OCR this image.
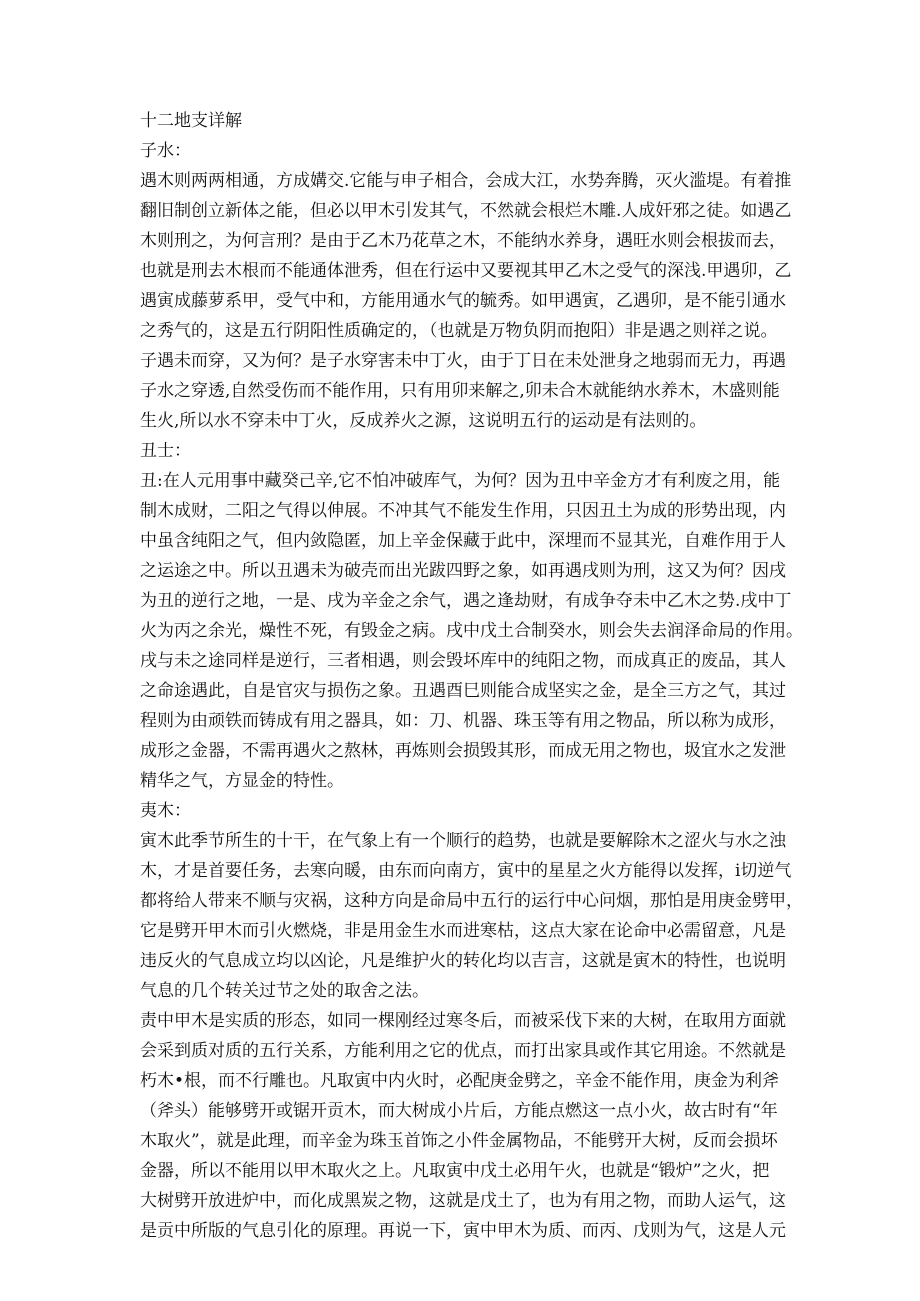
十二地支详解
子水：
遇木则两两相通，方成媾交.它能与申子相合，会成大江，水势奔腾，灭火滥堤。有着推
翻旧制创立新体之能，但必以甲木引发其气，不然就会根烂木雕.人成奸邪之徒。如遇乙
木则刑之，为何言刑？是由于乙木乃花草之木，不能纳水养身，遇旺水则会根拔而去，
也就是刑去木根而不能通体泄秀，但在行运中又要视其甲乙木之受气的深浅.甲遇卯，乙
遇寅成藤萝系甲，受气中和，方能用通水气的毓秀。如甲遇寅，乙遇卯，是不能引通水
之秀气的，这是五行阴阳性质确定的，（也就是万物负阴而抱阳）非是遇之则祥之说。
子遇未而穿，又为何？是子水穿害未中丁火，由于丁日在未处泄身之地弱而无力，再遇
子水之穿透,自然受伤而不能作用，只有用卯来解之,卯未合木就能纳水养木，木盛则能
生火,所以水不穿未中丁火，反成养火之源，这说明五行的运动是有法则的。
丑士：
丑:在人元用事中藏癸己辛,它不怕冲破库气，为何？因为丑中辛金方才有利废之用，能
制木成财，二阳之气得以伸展。不冲其气不能发生作用，只因丑土为成的形势出现，内
中虽含纯阳之气，但内敛隐匿，加上辛金保藏于此中，深埋而不显其光，自难作用于人
之运途之中。所以丑遇未为破壳而出光跋四野之象，如再遇戌则为刑，这又为何？因戌
为丑的逆行之地，一是、戌为辛金之余气，遇之逢劫财，有成争夺未中乙木之势.戌中丁
火为丙之余光，燥性不死，有毁金之病。戌中戊土合制癸水，则会失去润泽命局的作用。
戌与未之途同样是逆行，三者相遇，则会毁坏库中的纯阳之物，而成真正的废品，其人
之命途遇此，自是官灾与损伤之象。丑遇酉巳则能合成坚实之金，是全三方之气，其过
程则为由顽铁而铸成有用之器具，如：刀、机器、珠玉等有用之物品，所以称为成形，
成形之金器，不需再遇火之熬林，再炼则会损毁其形，而成无用之物也，圾宜水之发泄
精华之气，方显金的特性。
夷木：
寅木此季节所生的十干，在气象上有一个顺行的趋势，也就是要解除木之涩火与水之浊
木，才是首要任务，去寒向暖，由东而向南方，寅中的星星之火方能得以发挥，i切逆气
都将给人带来不顺与灾祸，这种方向是命局中五行的运行中心问烟，那怕是用庚金劈甲，
它是劈开甲木而引火燃烧，非是用金生水而进寒枯，这点大家在论命中必需留意，凡是
违反火的气息成立均以凶论，凡是维护火的转化均以吉言，这就是寅木的特性，也说明
气息的几个转关过节之处的取舍之法。
责中甲木是实质的形态，如同一棵刚经过寒冬后，而被采伐下来的大树，在取用方面就
会采到质对质的五行关系，方能利用之它的优点，而打出家具或作其它用途。不然就是
朽木•根，而不行雕也。凡取寅中内火时，必配庚金劈之，辛金不能作用，庚金为利斧
（斧头）能够劈开或锯开贡木，而大树成小片后，方能点燃这一点小火，故古时有“年
木取火”，就是此理，而辛金为珠玉首饰之小件金属物品，不能劈开大树，反而会损坏
金器，所以不能用以甲木取火之上。凡取寅中戊土必用午火，也就是“锻炉”之火，把
大树劈开放进炉中，而化成黑炭之物，这就是戊土了，也为有用之物，而助人运气，这
是贡中所版的气息引化的原理。再说一下，寅中甲木为质、而丙、戊则为气，这是人元
